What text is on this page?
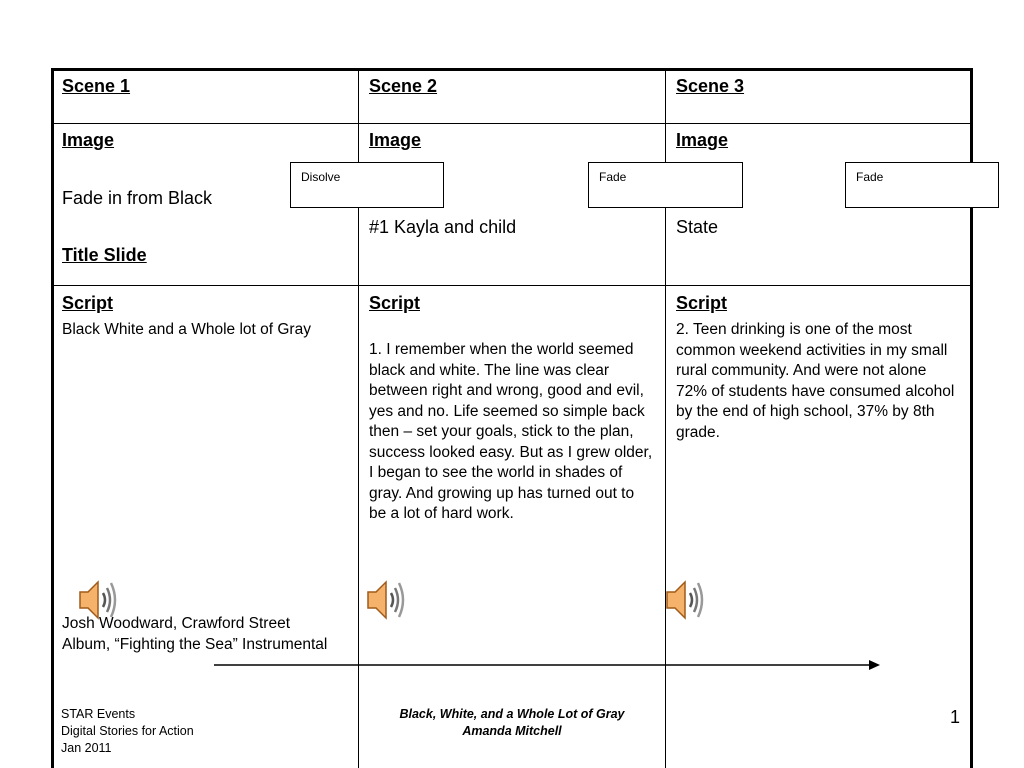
Scene 1
Image
Fade in from Black
Title Slide
Script
Black White and a Whole lot of Gray
Josh Woodward, Crawford Street Album, “Fighting the Sea” Instrumental
Scene 2
Image
#1 Kayla and child
Script
1. I remember when the world seemed black and white. The line was clear between right and wrong, good and evil, yes and no. Life seemed so simple back then – set your goals, stick to the plan, success looked easy. But as I grew older, I began to see the world in shades of gray. And growing up has turned out to be a lot of hard work.
Scene 3
Image
State
Script
2. Teen drinking is one of the most common weekend activities in my small rural community. And were not alone 72% of students have consumed alcohol by the end of high school, 37% by 8th grade.
Disolve	Fade	Fade
STAR Events
Digital Stories for Action
Jan 2011
Black, White, and a Whole Lot of Gray
Amanda Mitchell
1
